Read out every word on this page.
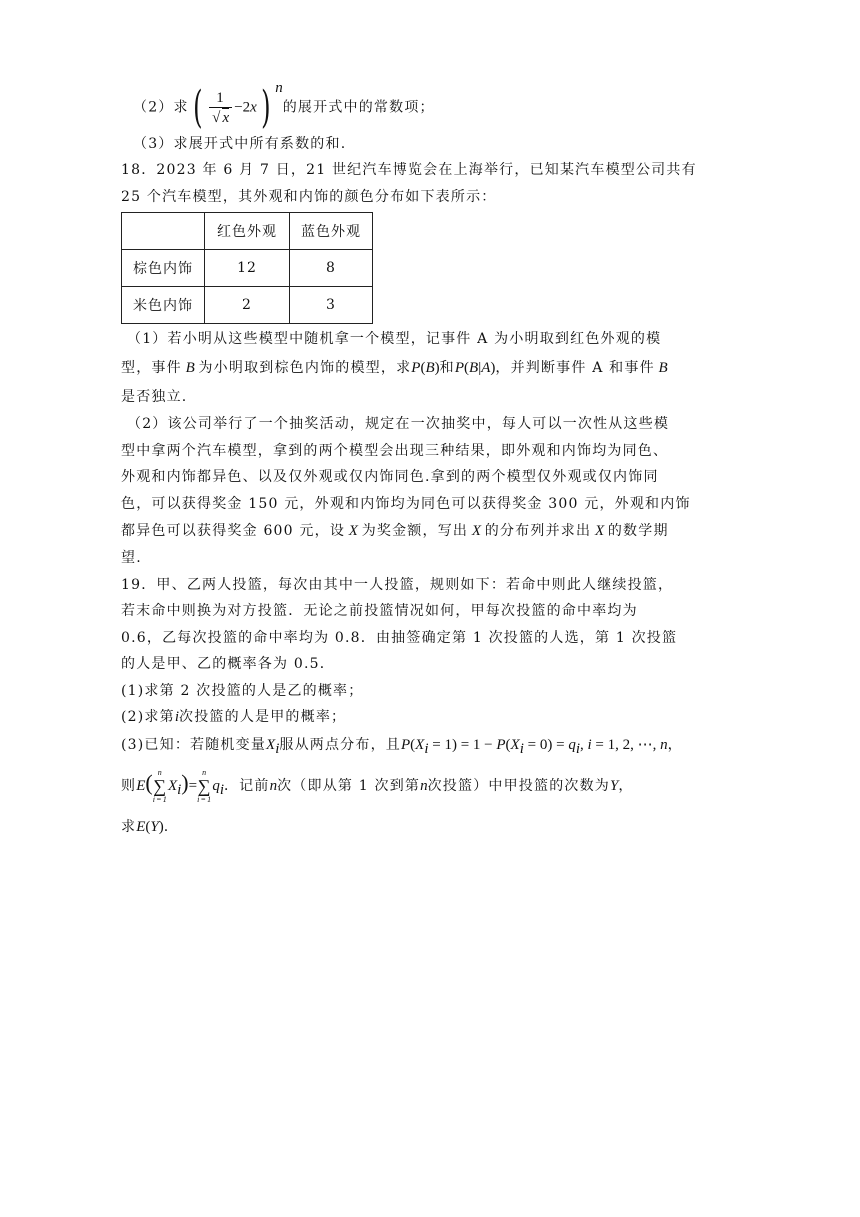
（2）求( $\frac{1}{√x} -2x$) $^n$的展开式中的常数项；
（3）求展开式中所有系数的和.
18．2023 年 6 月 7 日，21 世纪汽车博览会在上海举行，已知某汽车模型公司共有
25 个汽车模型，其外观和内饰的颜色分布如下表所示：
	红色外观	蓝色外观
棕色内饰	12	8
米色内饰	2	3
（1）若小明从这些模型中随机拿一个模型，记事件 A 为小明取到红色外观的模
型，事件 B 为小明取到棕色内饰的模型，求P(B)和P(B|A)，并判断事件 A 和事件 B
是否独立.
（2）该公司举行了一个抽奖活动，规定在一次抽奖中，每人可以一次性从这些模
型中拿两个汽车模型，拿到的两个模型会出现三种结果，即外观和内饰均为同色、
外观和内饰都异色、以及仅外观或仅内饰同色.拿到的两个模型仅外观或仅内饰同
色，可以获得奖金 150 元，外观和内饰均为同色可以获得奖金 300 元，外观和内饰
都异色可以获得奖金 600 元，设 X 为奖金额，写出 X 的分布列并求出 X 的数学期
望.
19．甲、乙两人投篮，每次由其中一人投篮，规则如下：若命中则此人继续投篮，
若末命中则换为对方投篮．无论之前投篮情况如何，甲每次投篮的命中率均为
0.6，乙每次投篮的命中率均为 0.8．由抽签确定第 1 次投篮的人选，第 1 次投篮
的人是甲、乙的概率各为 0.5．
(1)求第 2 次投篮的人是乙的概率；
(2)求第i次投篮的人是甲的概率；
(3)已知：若随机变量$X_i$服从两点分布，且$P(X_i = 1) = 1 - P(X_i = 0) = q_i$, i = 1, 2, ⋯, n，
则E( n
∑
i=1
$X_i)=$
n
∑
i=1
$q_i$．记前n次（即从第 1 次到第n次投篮）中甲投篮的次数为Y，
求E(Y).
